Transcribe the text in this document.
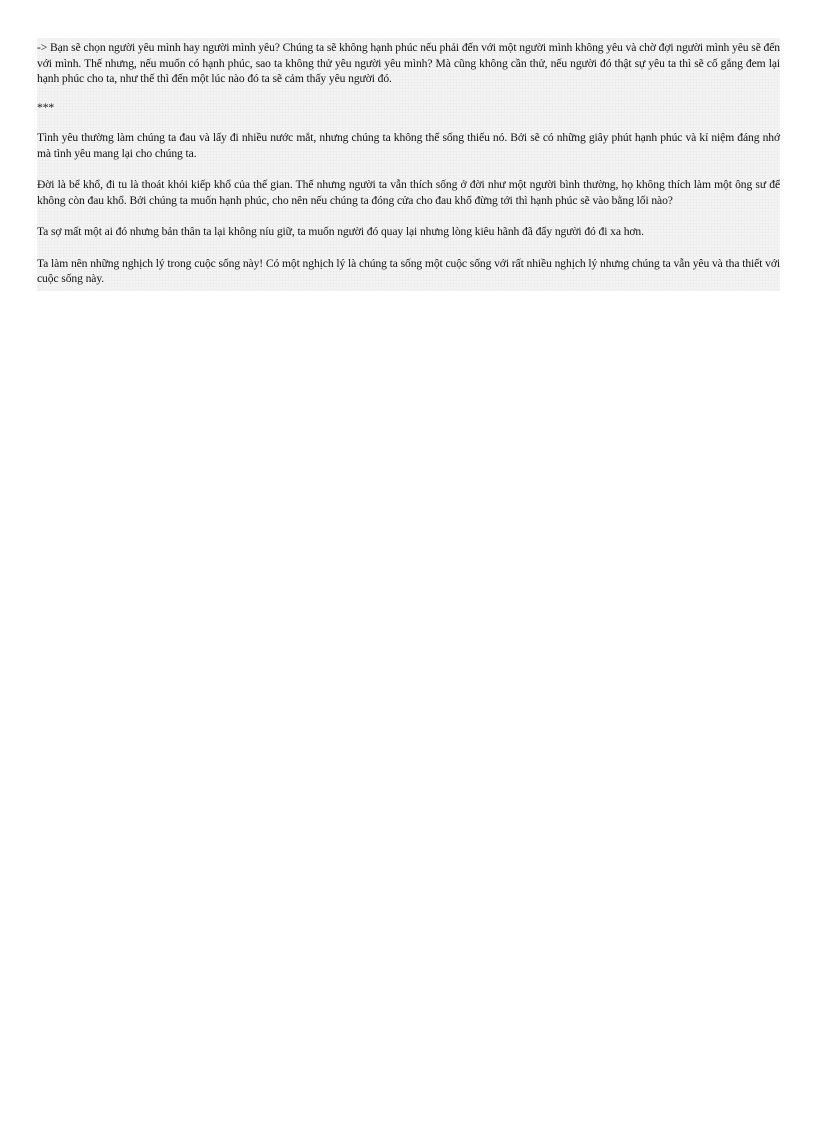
-> Bạn sẽ chọn người yêu mình hay người mình yêu? Chúng ta sẽ không hạnh phúc nếu phải đến với một người mình không yêu và chờ đợi người mình yêu sẽ đến với mình. Thế nhưng, nếu muốn có hạnh phúc, sao ta không thử yêu người yêu mình? Mà cũng không cần thử, nếu người đó thật sự yêu ta thì sẽ cố gắng đem lại hạnh phúc cho ta, như thế thì đến một lúc nào đó ta sẽ cảm thấy yêu người đó.

***

Tình yêu thường làm chúng ta đau và lấy đi nhiều nước mắt, nhưng chúng ta không thể sống thiếu nó. Bởi sẽ có những giây phút hạnh phúc và kỉ niệm đáng nhớ mà tình yêu mang lại cho chúng ta.

Đời là bể khổ, đi tu là thoát khỏi kiếp khổ của thế gian. Thế nhưng người ta vẫn thích sống ở đời như một người bình thường, họ không thích làm một ông sư để không còn đau khổ. Bởi chúng ta muốn hạnh phúc, cho nên nếu chúng ta đóng cửa cho đau khổ đừng tới thì hạnh phúc sẽ vào bằng lối nào?

Ta sợ mất một ai đó nhưng bản thân ta lại không níu giữ, ta muốn người đó quay lại nhưng lòng kiêu hãnh đã đẩy người đó đi xa hơn.

Ta làm nên những nghịch lý trong cuộc sống này! Có một nghịch lý là chúng ta sống một cuộc sống với rất nhiều nghịch lý nhưng chúng ta vẫn yêu và tha thiết với cuộc sống này.
